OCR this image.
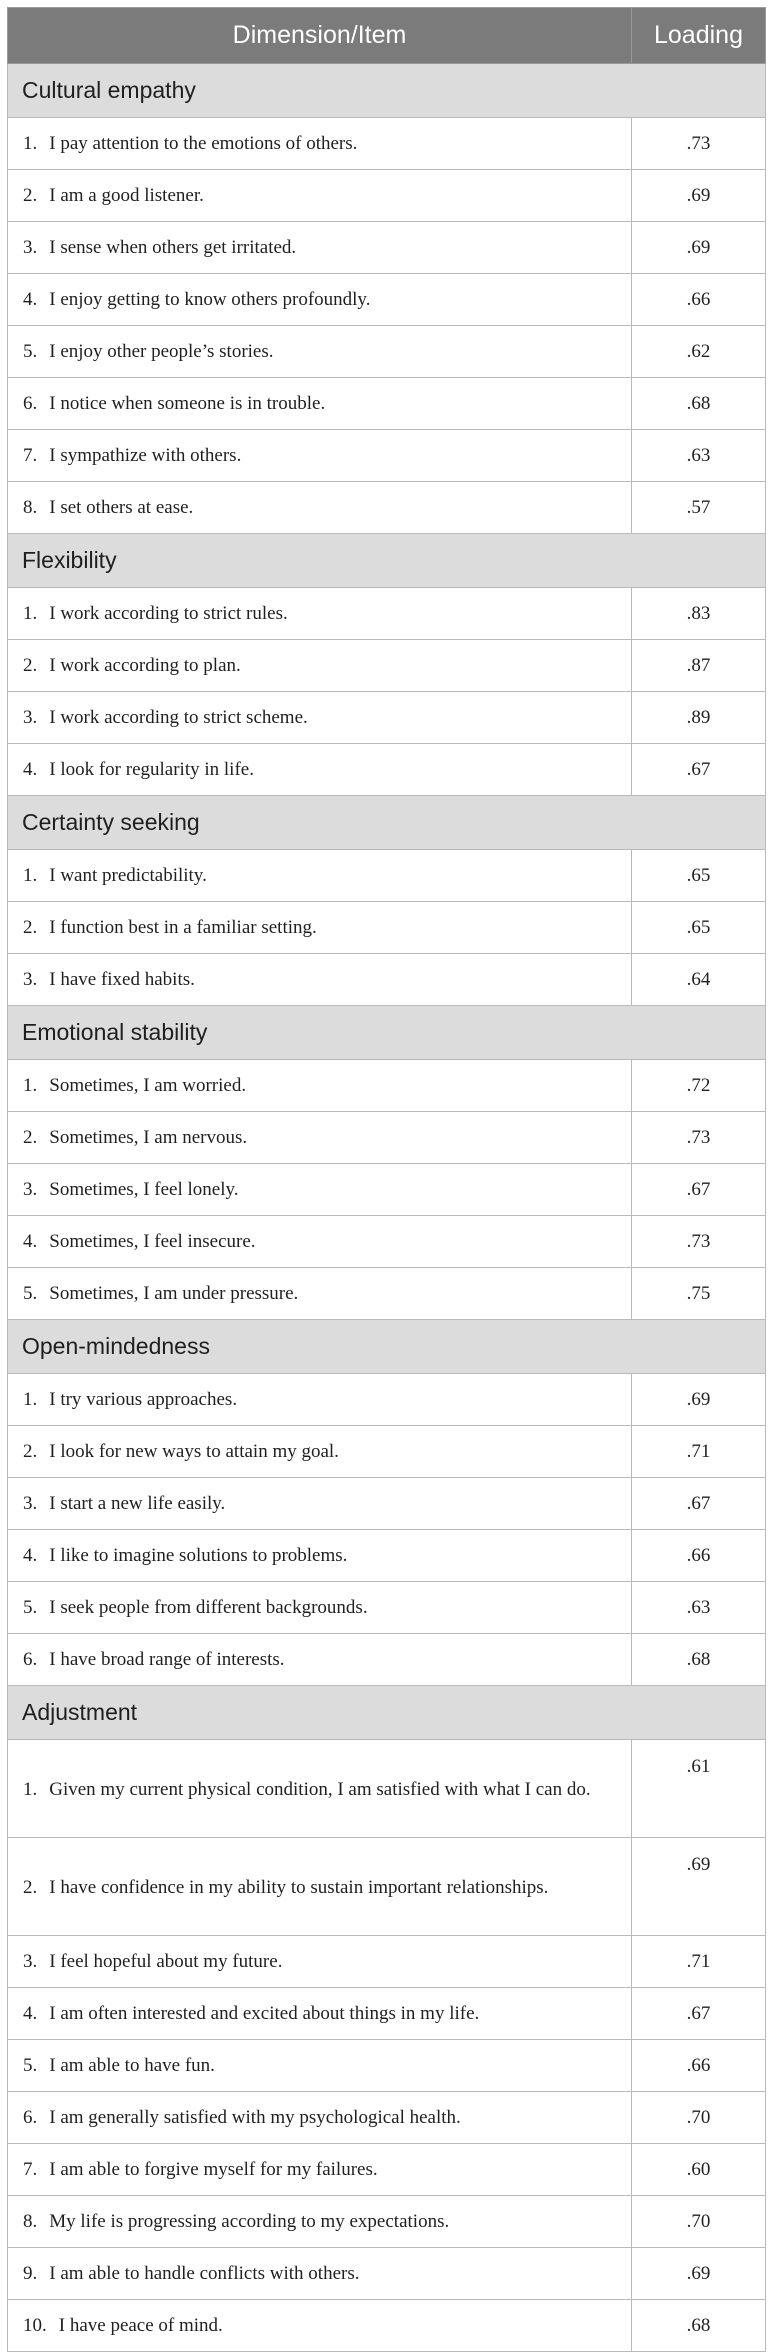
Dimension/Item	Loading
Cultural empathy	
1. I pay attention to the emotions of others.	.73
2. I am a good listener.	.69
3. I sense when others get irritated.	.69
4. I enjoy getting to know others profoundly.	.66
5. I enjoy other people’s stories.	.62
6. I notice when someone is in trouble.	.68
7. I sympathize with others.	.63
8. I set others at ease.	.57
Flexibility	
1. I work according to strict rules.	.83
2. I work according to plan.	.87
3. I work according to strict scheme.	.89
4. I look for regularity in life.	.67
Certainty seeking	
1. I want predictability.	.65
2. I function best in a familiar setting.	.65
3. I have fixed habits.	.64
Emotional stability	
1. Sometimes, I am worried.	.72
2. Sometimes, I am nervous.	.73
3. Sometimes, I feel lonely.	.67
4. Sometimes, I feel insecure.	.73
5. Sometimes, I am under pressure.	.75
Open-mindedness	
1. I try various approaches.	.69
2. I look for new ways to attain my goal.	.71
3. I start a new life easily.	.67
4. I like to imagine solutions to problems.	.66
5. I seek people from different backgrounds.	.63
6. I have broad range of interests.	.68
Adjustment	
1. Given my current physical condition, I am satisfied with what I can do.	.61
2. I have confidence in my ability to sustain important relationships.	.69
3. I feel hopeful about my future.	.71
4. I am often interested and excited about things in my life.	.67
5. I am able to have fun.	.66
6. I am generally satisfied with my psychological health.	.70
7. I am able to forgive myself for my failures.	.60
8. My life is progressing according to my expectations.	.70
9. I am able to handle conflicts with others.	.69
10. I have peace of mind.	.68
